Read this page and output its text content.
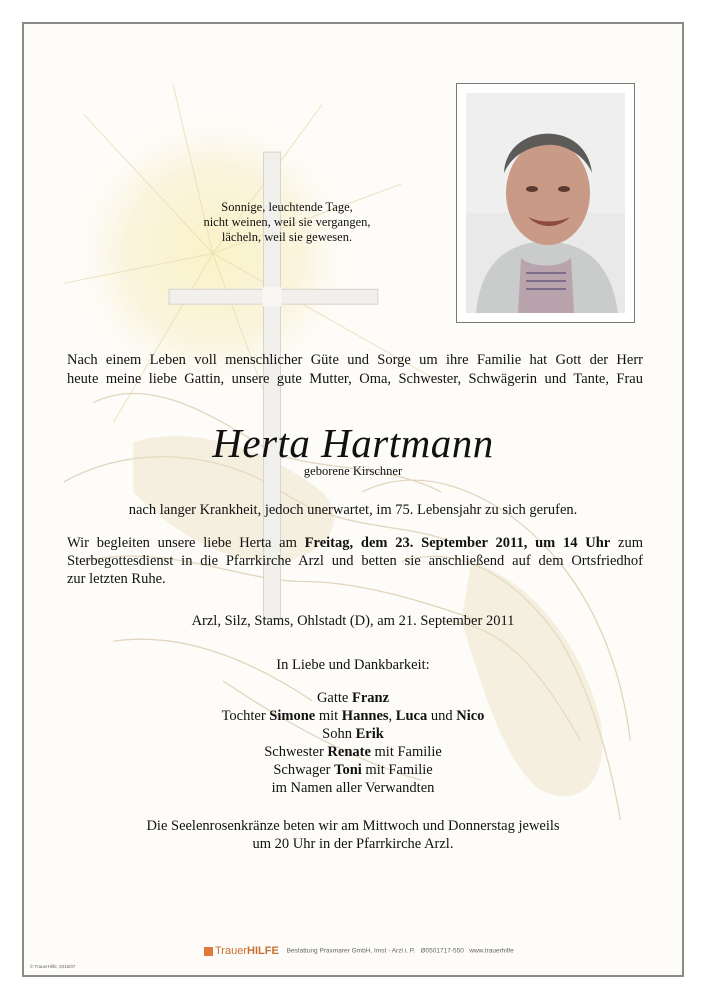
Sonnige, leuchtende Tage,
nicht weinen, weil sie vergangen,
lächeln, weil sie gewesen.
Nach einem Leben voll menschlicher Güte und Sorge um ihre Familie hat Gott der Herr
heute meine liebe Gattin, unsere gute Mutter, Oma, Schwester, Schwägerin und Tante, Frau
Herta Hartmann
geborene Kirschner
nach langer Krankheit, jedoch unerwartet, im 75. Lebensjahr zu sich gerufen.
Wir begleiten unsere liebe Herta am Freitag, dem 23. September 2011, um 14 Uhr zum
Sterbegottesdienst in die Pfarrkirche Arzl und betten sie anschließend auf dem Ortsfriedhof
zur letzten Ruhe.
Arzl, Silz, Stams, Ohlstadt (D), am 21. September 2011
In Liebe und Dankbarkeit:
Gatte Franz
Tochter Simone mit Hannes, Luca und Nico
Sohn Erik
Schwester Renate mit Familie
Schwager Toni mit Familie
im Namen aller Verwandten
Die Seelenrosenkränze beten wir am Mittwoch und Donnerstag jeweils
um 20 Uhr in der Pfarrkirche Arzl.
TrauerHILFE Bestattung Praxmarer GmbH, Imst - Arzl i. P. Ø0501717-550 www.trauerhilfe
© TrauerHilfe, 2016/07
